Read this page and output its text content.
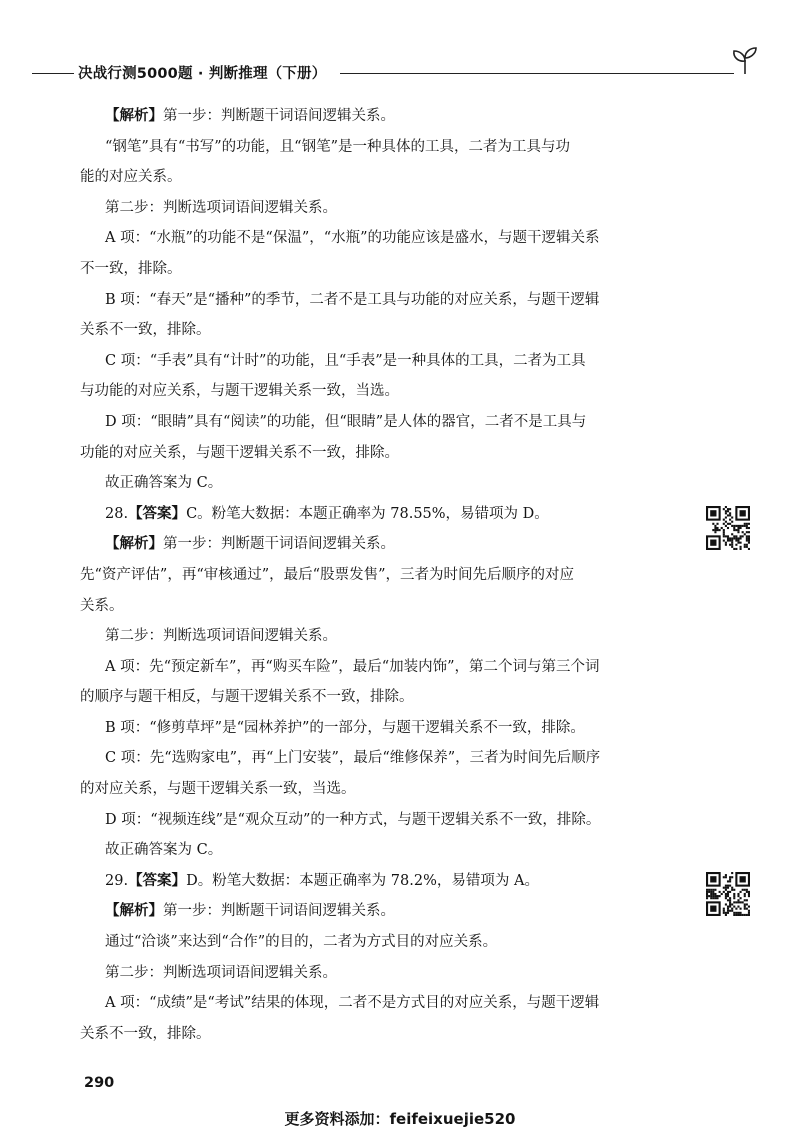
决战行测5000题 · 判断推理（下册）
【解析】第一步：判断题干词语间逻辑关系。
“钢笔”具有“书写”的功能，且“钢笔”是一种具体的工具，二者为工具与功
能的对应关系。
第二步：判断选项词语间逻辑关系。
A 项：“水瓶”的功能不是“保温”，“水瓶”的功能应该是盛水，与题干逻辑关系
不一致，排除。
B 项：“春天”是“播种”的季节，二者不是工具与功能的对应关系，与题干逻辑
关系不一致，排除。
C 项：“手表”具有“计时”的功能，且“手表”是一种具体的工具，二者为工具
与功能的对应关系，与题干逻辑关系一致，当选。
D 项：“眼睛”具有“阅读”的功能，但“眼睛”是人体的器官，二者不是工具与
功能的对应关系，与题干逻辑关系不一致，排除。
故正确答案为 C。
28.【答案】C。粉笔大数据：本题正确率为 78.55%，易错项为 D。
【解析】第一步：判断题干词语间逻辑关系。
先“资产评估”，再“审核通过”，最后“股票发售”，三者为时间先后顺序的对应
关系。
第二步：判断选项词语间逻辑关系。
A 项：先“预定新车”，再“购买车险”，最后“加装内饰”，第二个词与第三个词
的顺序与题干相反，与题干逻辑关系不一致，排除。
B 项：“修剪草坪”是“园林养护”的一部分，与题干逻辑关系不一致，排除。
C 项：先“选购家电”，再“上门安装”，最后“维修保养”，三者为时间先后顺序
的对应关系，与题干逻辑关系一致，当选。
D 项：“视频连线”是“观众互动”的一种方式，与题干逻辑关系不一致，排除。
故正确答案为 C。
29.【答案】D。粉笔大数据：本题正确率为 78.2%，易错项为 A。
【解析】第一步：判断题干词语间逻辑关系。
通过“洽谈”来达到“合作”的目的，二者为方式目的对应关系。
第二步：判断选项词语间逻辑关系。
A 项：“成绩”是“考试”结果的体现，二者不是方式目的对应关系，与题干逻辑
关系不一致，排除。
290
更多资料添加：feifeixuejie520
